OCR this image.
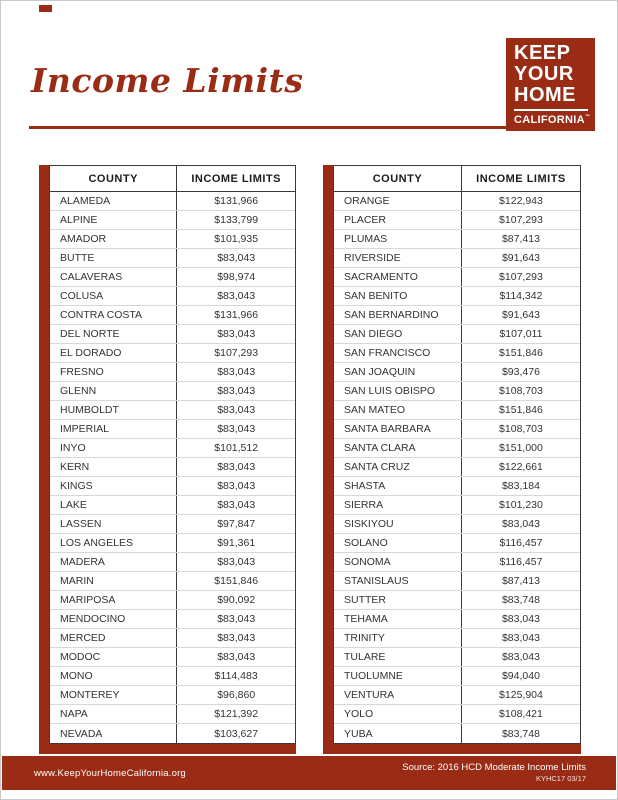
Income Limits
KEEP
YOUR
HOME
CALIFORNIA™
COUNTY	INCOME LIMITS
ALAMEDA	$131,966
ALPINE	$133,799
AMADOR	$101,935
BUTTE	$83,043
CALAVERAS	$98,974
COLUSA	$83,043
CONTRA COSTA	$131,966
DEL NORTE	$83,043
EL DORADO	$107,293
FRESNO	$83,043
GLENN	$83,043
HUMBOLDT	$83,043
IMPERIAL	$83,043
INYO	$101,512
KERN	$83,043
KINGS	$83,043
LAKE	$83,043
LASSEN	$97,847
LOS ANGELES	$91,361
MADERA	$83,043
MARIN	$151,846
MARIPOSA	$90,092
MENDOCINO	$83,043
MERCED	$83,043
MODOC	$83,043
MONO	$114,483
MONTEREY	$96,860
NAPA	$121,392
NEVADA	$103,627
COUNTY	INCOME LIMITS
ORANGE	$122,943
PLACER	$107,293
PLUMAS	$87,413
RIVERSIDE	$91,643
SACRAMENTO	$107,293
SAN BENITO	$114,342
SAN BERNARDINO	$91,643
SAN DIEGO	$107,011
SAN FRANCISCO	$151,846
SAN JOAQUIN	$93,476
SAN LUIS OBISPO	$108,703
SAN MATEO	$151,846
SANTA BARBARA	$108,703
SANTA CLARA	$151,000
SANTA CRUZ	$122,661
SHASTA	$83,184
SIERRA	$101,230
SISKIYOU	$83,043
SOLANO	$116,457
SONOMA	$116,457
STANISLAUS	$87,413
SUTTER	$83,748
TEHAMA	$83,043
TRINITY	$83,043
TULARE	$83,043
TUOLUMNE	$94,040
VENTURA	$125,904
YOLO	$108,421
YUBA	$83,748
www.KeepYourHomeCalifornia.org	Source: 2016 HCD Moderate Income Limits
KYHC17 03/17
